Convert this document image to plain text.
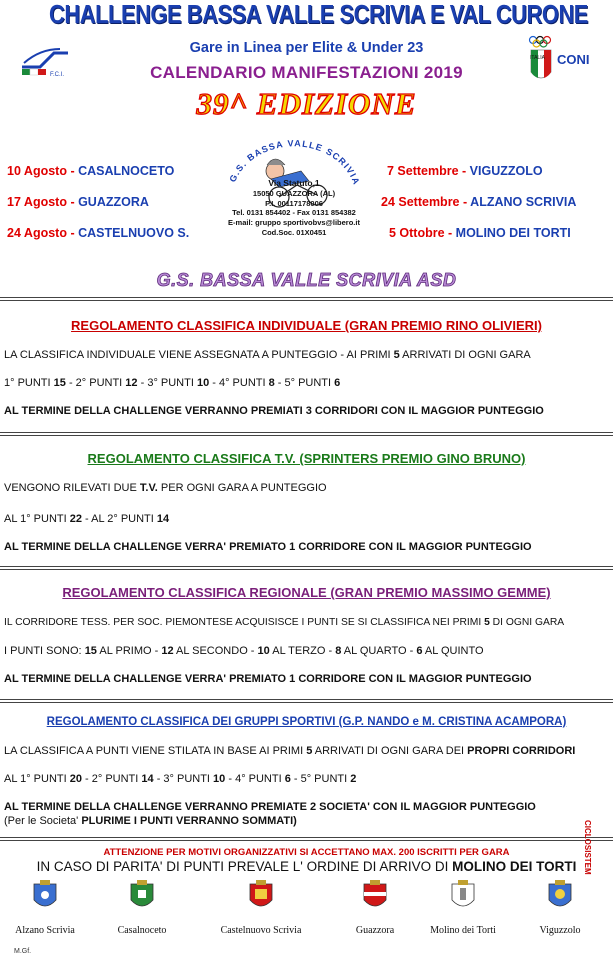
CHALLENGE BASSA VALLE SCRIVIA E VAL CURONE
F.C.I.
ITALIA CONI
Gare in Linea per Elite & Under 23
CALENDARIO MANIFESTAZIONI 2019
39^ EDIZIONE
10 Agosto - CASALNOCETO
17 Agosto - GUAZZORA
24 Agosto - CASTELNUOVO S.
7 Settembre - VIGUZZOLO
24 Settembre - ALZANO SCRIVIA
5 Ottobre - MOLINO DEI TORTI
G.S. BASSA VALLE SCRIVIA
Via Statuto,1
15050 GUAZZORA (AL)
P.I. 00117178006
Tel. 0131 854402 - Fax 0131 854382
E-mail: gruppo sportivobvs@libero.it
Cod.Soc. 01X0451
G.S. BASSA VALLE SCRIVIA ASD
REGOLAMENTO CLASSIFICA INDIVIDUALE (GRAN PREMIO RINO OLIVIERI)
LA CLASSIFICA INDIVIDUALE VIENE ASSEGNATA A PUNTEGGIO - AI PRIMI 5 ARRIVATI DI OGNI GARA
1° PUNTI 15 - 2° PUNTI 12 - 3° PUNTI 10 - 4° PUNTI 8 - 5° PUNTI 6
AL TERMINE DELLA CHALLENGE VERRANNO PREMIATI 3 CORRIDORI CON IL MAGGIOR PUNTEGGIO
REGOLAMENTO CLASSIFICA T.V. (SPRINTERS PREMIO GINO BRUNO)
VENGONO RILEVATI DUE T.V. PER OGNI GARA A PUNTEGGIO
AL 1° PUNTI 22 - AL 2° PUNTI 14
AL TERMINE DELLA CHALLENGE VERRA' PREMIATO 1 CORRIDORE CON IL MAGGIOR PUNTEGGIO
REGOLAMENTO CLASSIFICA REGIONALE (GRAN PREMIO MASSIMO GEMME)
IL CORRIDORE TESS. PER SOC. PIEMONTESE ACQUISISCE I PUNTI SE SI CLASSIFICA NEI PRIMI 5 DI OGNI GARA
I PUNTI SONO: 15 AL PRIMO - 12 AL SECONDO - 10 AL TERZO - 8 AL QUARTO - 6 AL QUINTO
AL TERMINE DELLA CHALLENGE VERRA' PREMIATO 1 CORRIDORE CON IL MAGGIOR PUNTEGGIO
REGOLAMENTO CLASSIFICA DEI GRUPPI SPORTIVI (G.P. NANDO e M. CRISTINA ACAMPORA)
LA CLASSIFICA A PUNTI VIENE STILATA IN BASE AI PRIMI 5 ARRIVATI DI OGNI GARA DEI PROPRI CORRIDORI
AL 1° PUNTI 20 - 2° PUNTI 14 - 3° PUNTI 10 - 4° PUNTI 6 - 5° PUNTI 2
AL TERMINE DELLA CHALLENGE VERRANNO PREMIATE 2 SOCIETA' CON IL MAGGIOR PUNTEGGIO
(Per le Societa' PLURIME I PUNTI VERRANNO SOMMATI)
ATTENZIONE PER MOTIVI ORGANIZZATIVI SI ACCETTANO MAX. 200 ISCRITTI PER GARA
IN CASO DI PARITA' DI PUNTI PREVALE L' ORDINE DI ARRIVO DI MOLINO DEI TORTI
Alzano Scrivia	Casalnoceto	Castelnuovo Scrivia	Guazzora	Molino dei Torti	Viguzzolo
CICLOSISTEM
M.Gf.
